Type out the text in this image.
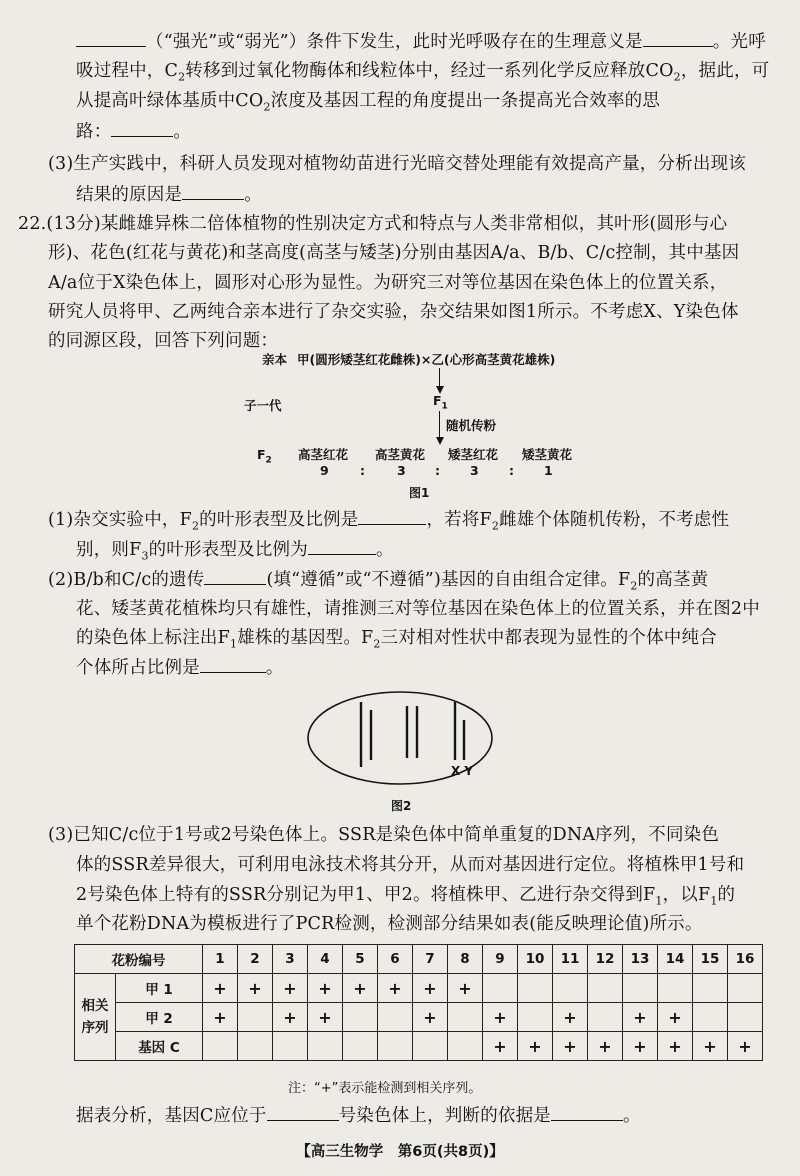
（“强光”或“弱光”）条件下发生，此时光呼吸存在的生理意义是	。光呼
吸过程中，$C_2$转移到过氧化物酶体和线粒体中，经过一系列化学反应释放$CO_2$，据此，可
从提高叶绿体基质中$CO_2$浓度及基因工程的角度提出一条提高光合效率的思
路：	。
(3)生产实践中，科研人员发现对植物幼苗进行光暗交替处理能有效提高产量，分析出现该
结果的原因是	。
22.(13分)某雌雄异株二倍体植物的性别决定方式和特点与人类非常相似，其叶形(圆形与心
形)、花色(红花与黄花)和茎高度(高茎与矮茎)分别由基因A/a、B/b、C/c控制，其中基因
A/a位于X染色体上，圆形对心形为显性。为研究三对等位基因在染色体上的位置关系，
研究人员将甲、乙两纯合亲本进行了杂交实验，杂交结果如图1所示。不考虑X、Y染色体
的同源区段，回答下列问题：
亲本 甲(圆形矮茎红花雌株)×乙(心形高茎黄花雄株)
子一代	$F_1$
随机传粉
$F_2$ 高茎红花 高茎黄花 矮茎红花 矮茎黄花
9	:	3 : 3 : 1
图1
(1)杂交实验中，$F_2$的叶形表型及比例是	，若将$F_2$雌雄个体随机传粉，不考虑性
别，则$F_3$的叶形表型及比例为	。
(2)B/b和C/c的遗传	(填“遵循”或“不遵循”)基因的自由组合定律。$F_2$的高茎黄
花、矮茎黄花植株均只有雄性，请推测三对等位基因在染色体上的位置关系，并在图2中
的染色体上标注出$F_1$雄株的基因型。$F_2$三对相对性状中都表现为显性的个体中纯合
个体所占比例是	。
X Y
图2
(3)已知C/c位于1号或2号染色体上。SSR是染色体中简单重复的DNA序列，不同染色
体的SSR差异很大，可利用电泳技术将其分开，从而对基因进行定位。将植株甲1号和
2号染色体上特有的SSR分别记为甲1、甲2。将植株甲、乙进行杂交得到$F_1$，以$F_1$的
单个花粉DNA为模板进行了PCR检测，检测部分结果如表(能反映理论值)所示。
花粉编号		1	2	3	4	5	6	7	8	9	10	11	12	13	14	15	16
相关
序列	甲 1	+	+	+	+	+	+	+	+								
	甲 2	+		+	+			+		+		+		+	+		
	基因 C									+	+	+	+	+	+	+	+
注：“+”表示能检测到相关序列。
据表分析，基因C应位于	号染色体上，判断的依据是	。
【高三生物学　第6页(共8页)】
